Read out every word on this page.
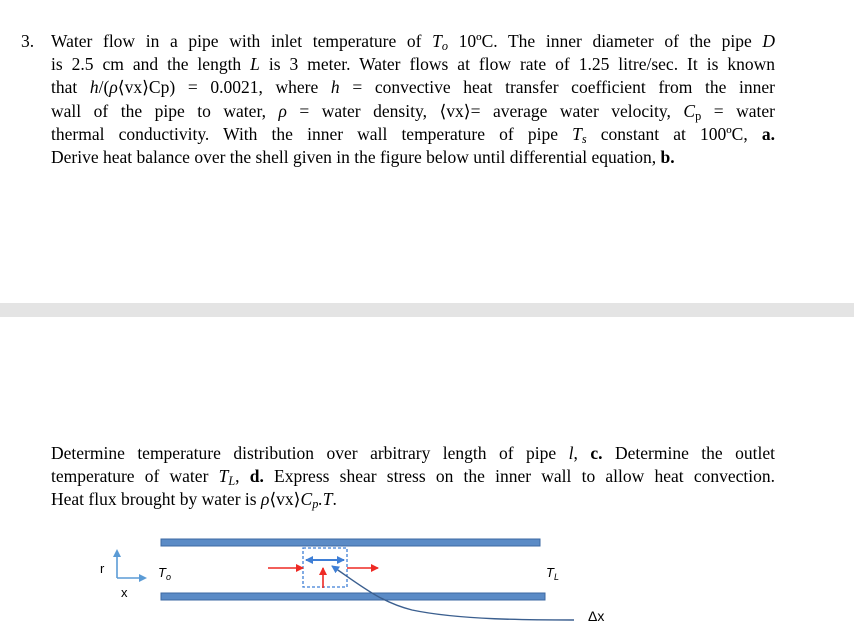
3. Water flow in a pipe with inlet temperature of $T_o$ 10ºC. The inner diameter of the pipe D
is 2.5 cm and the length L is 3 meter. Water flows at flow rate of 1.25 litre/sec. It is known
that h/(ρ⟨vx⟩Cp) = 0.0021, where h = convective heat transfer coefficient from the inner
wall of the pipe to water, ρ = water density, ⟨vx⟩= average water velocity, $C_p$ = water
thermal conductivity. With the inner wall temperature of pipe $T_s$ constant at 100ºC, a.
Derive heat balance over the shell given in the figure below until differential equation, b.
Determine temperature distribution over arbitrary length of pipe l, c. Determine the outlet
temperature of water $T_L$, d. Express shear stress on the inner wall to allow heat convection.
Heat flux brought by water is $\rho⟨vx⟩C_p.T$.
r
x
$T_o$	$T_L$
Δx
